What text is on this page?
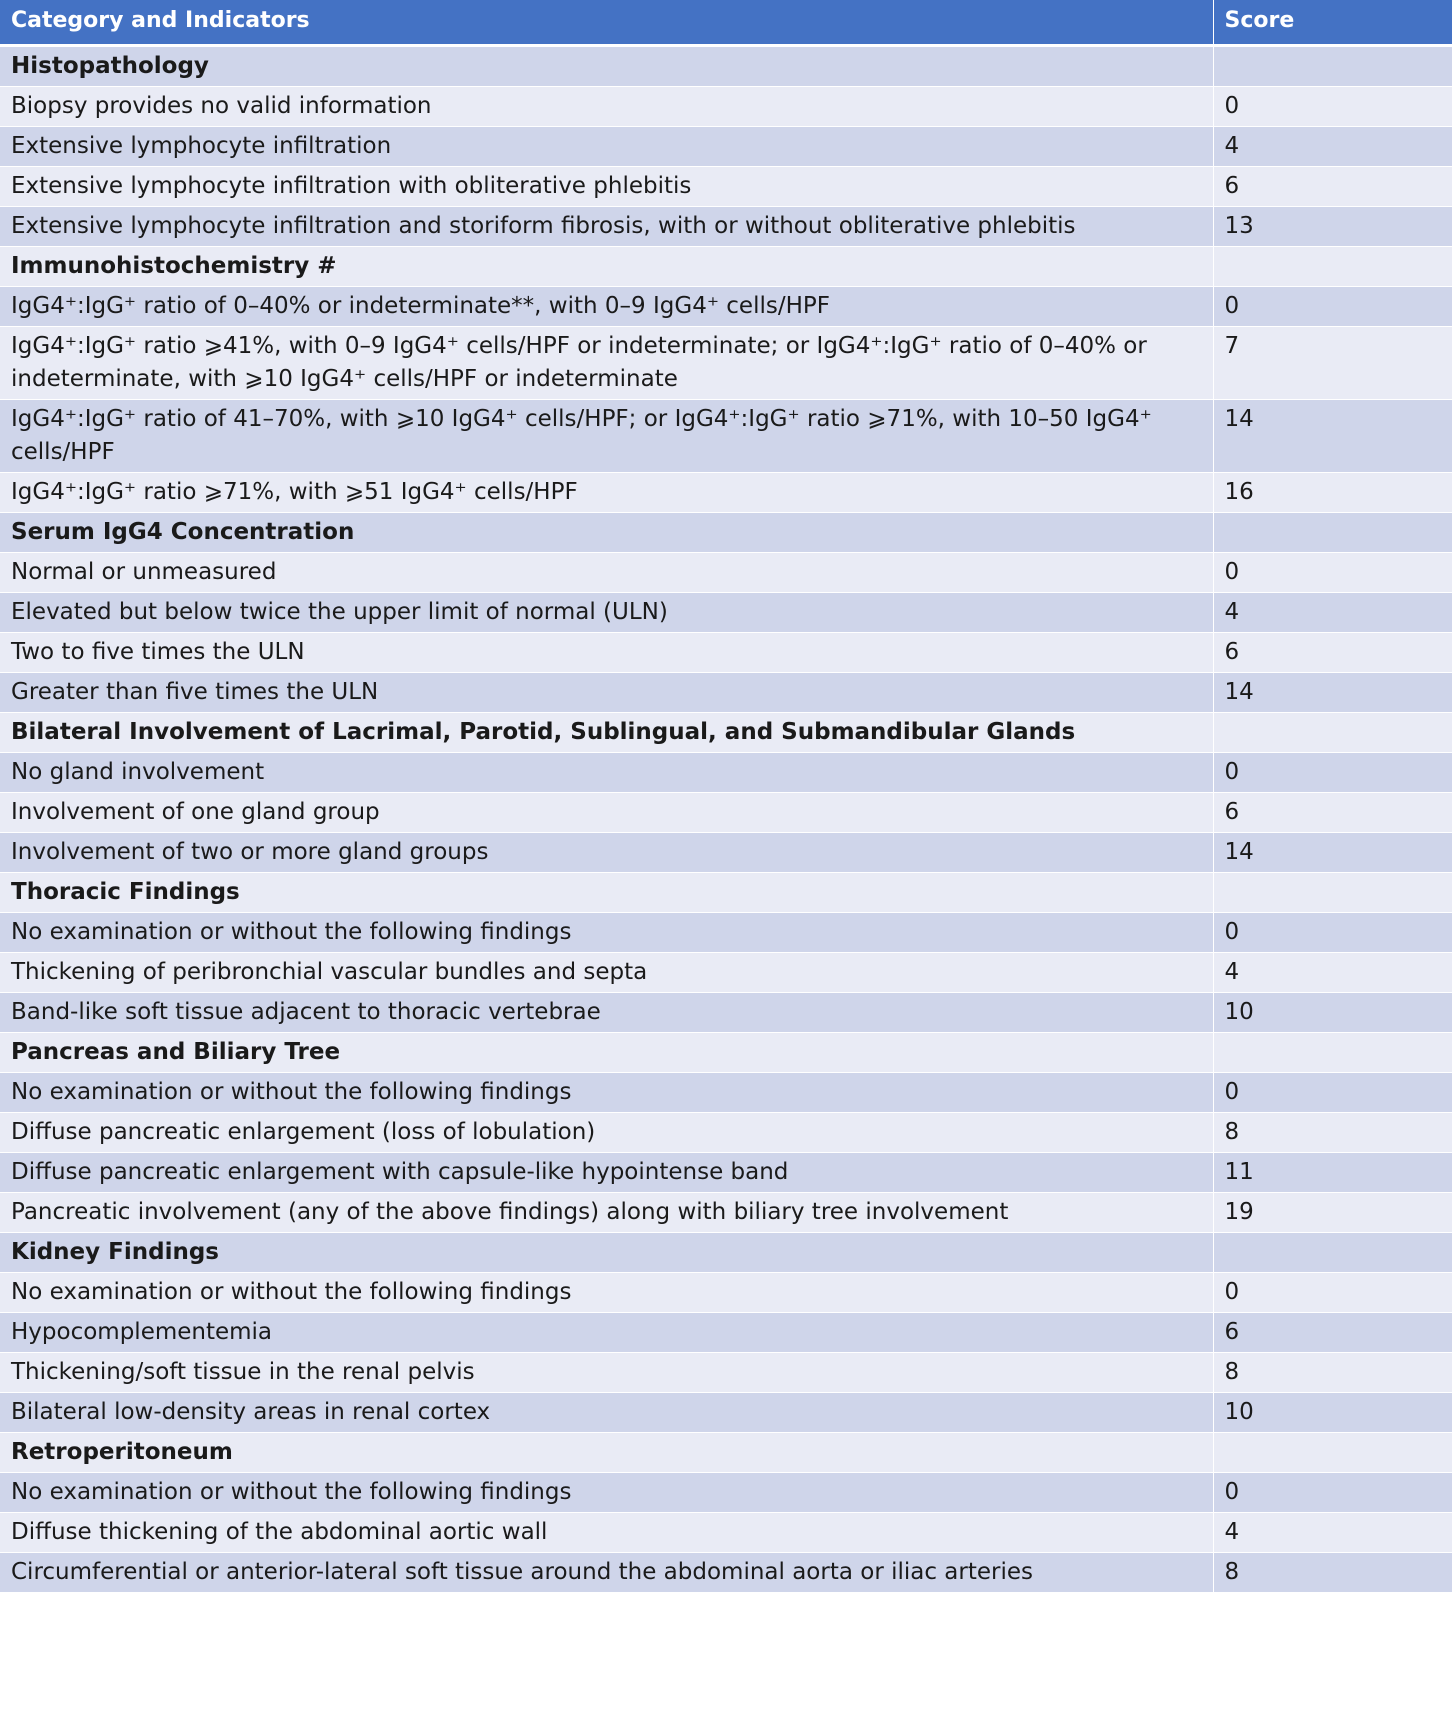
Category and Indicators	Score
Histopathology	
Biopsy provides no valid information	0
Extensive lymphocyte infiltration	4
Extensive lymphocyte infiltration with obliterative phlebitis	6
Extensive lymphocyte infiltration and storiform fibrosis, with or without obliterative phlebitis	13
Immunohistochemistry #	
IgG4⁺:IgG⁺ ratio of 0–40% or indeterminate**, with 0–9 IgG4⁺ cells/HPF	0
IgG4⁺:IgG⁺ ratio ⩾41%, with 0–9 IgG4⁺ cells/HPF or indeterminate; or IgG4⁺:IgG⁺ ratio of 0–40% or indeterminate, with ⩾10 IgG4⁺ cells/HPF or indeterminate	7
IgG4⁺:IgG⁺ ratio of 41–70%, with ⩾10 IgG4⁺ cells/HPF; or IgG4⁺:IgG⁺ ratio ⩾71%, with 10–50 IgG4⁺ cells/HPF	14
IgG4⁺:IgG⁺ ratio ⩾71%, with ⩾51 IgG4⁺ cells/HPF	16
Serum IgG4 Concentration	
Normal or unmeasured	0
Elevated but below twice the upper limit of normal (ULN)	4
Two to five times the ULN	6
Greater than five times the ULN	14
Bilateral Involvement of Lacrimal, Parotid, Sublingual, and Submandibular Glands	
No gland involvement	0
Involvement of one gland group	6
Involvement of two or more gland groups	14
Thoracic Findings	
No examination or without the following findings	0
Thickening of peribronchial vascular bundles and septa	4
Band-like soft tissue adjacent to thoracic vertebrae	10
Pancreas and Biliary Tree	
No examination or without the following findings	0
Diffuse pancreatic enlargement (loss of lobulation)	8
Diffuse pancreatic enlargement with capsule-like hypointense band	11
Pancreatic involvement (any of the above findings) along with biliary tree involvement	19
Kidney Findings	
No examination or without the following findings	0
Hypocomplementemia	6
Thickening/soft tissue in the renal pelvis	8
Bilateral low-density areas in renal cortex	10
Retroperitoneum	
No examination or without the following findings	0
Diffuse thickening of the abdominal aortic wall	4
Circumferential or anterior-lateral soft tissue around the abdominal aorta or iliac arteries	8
